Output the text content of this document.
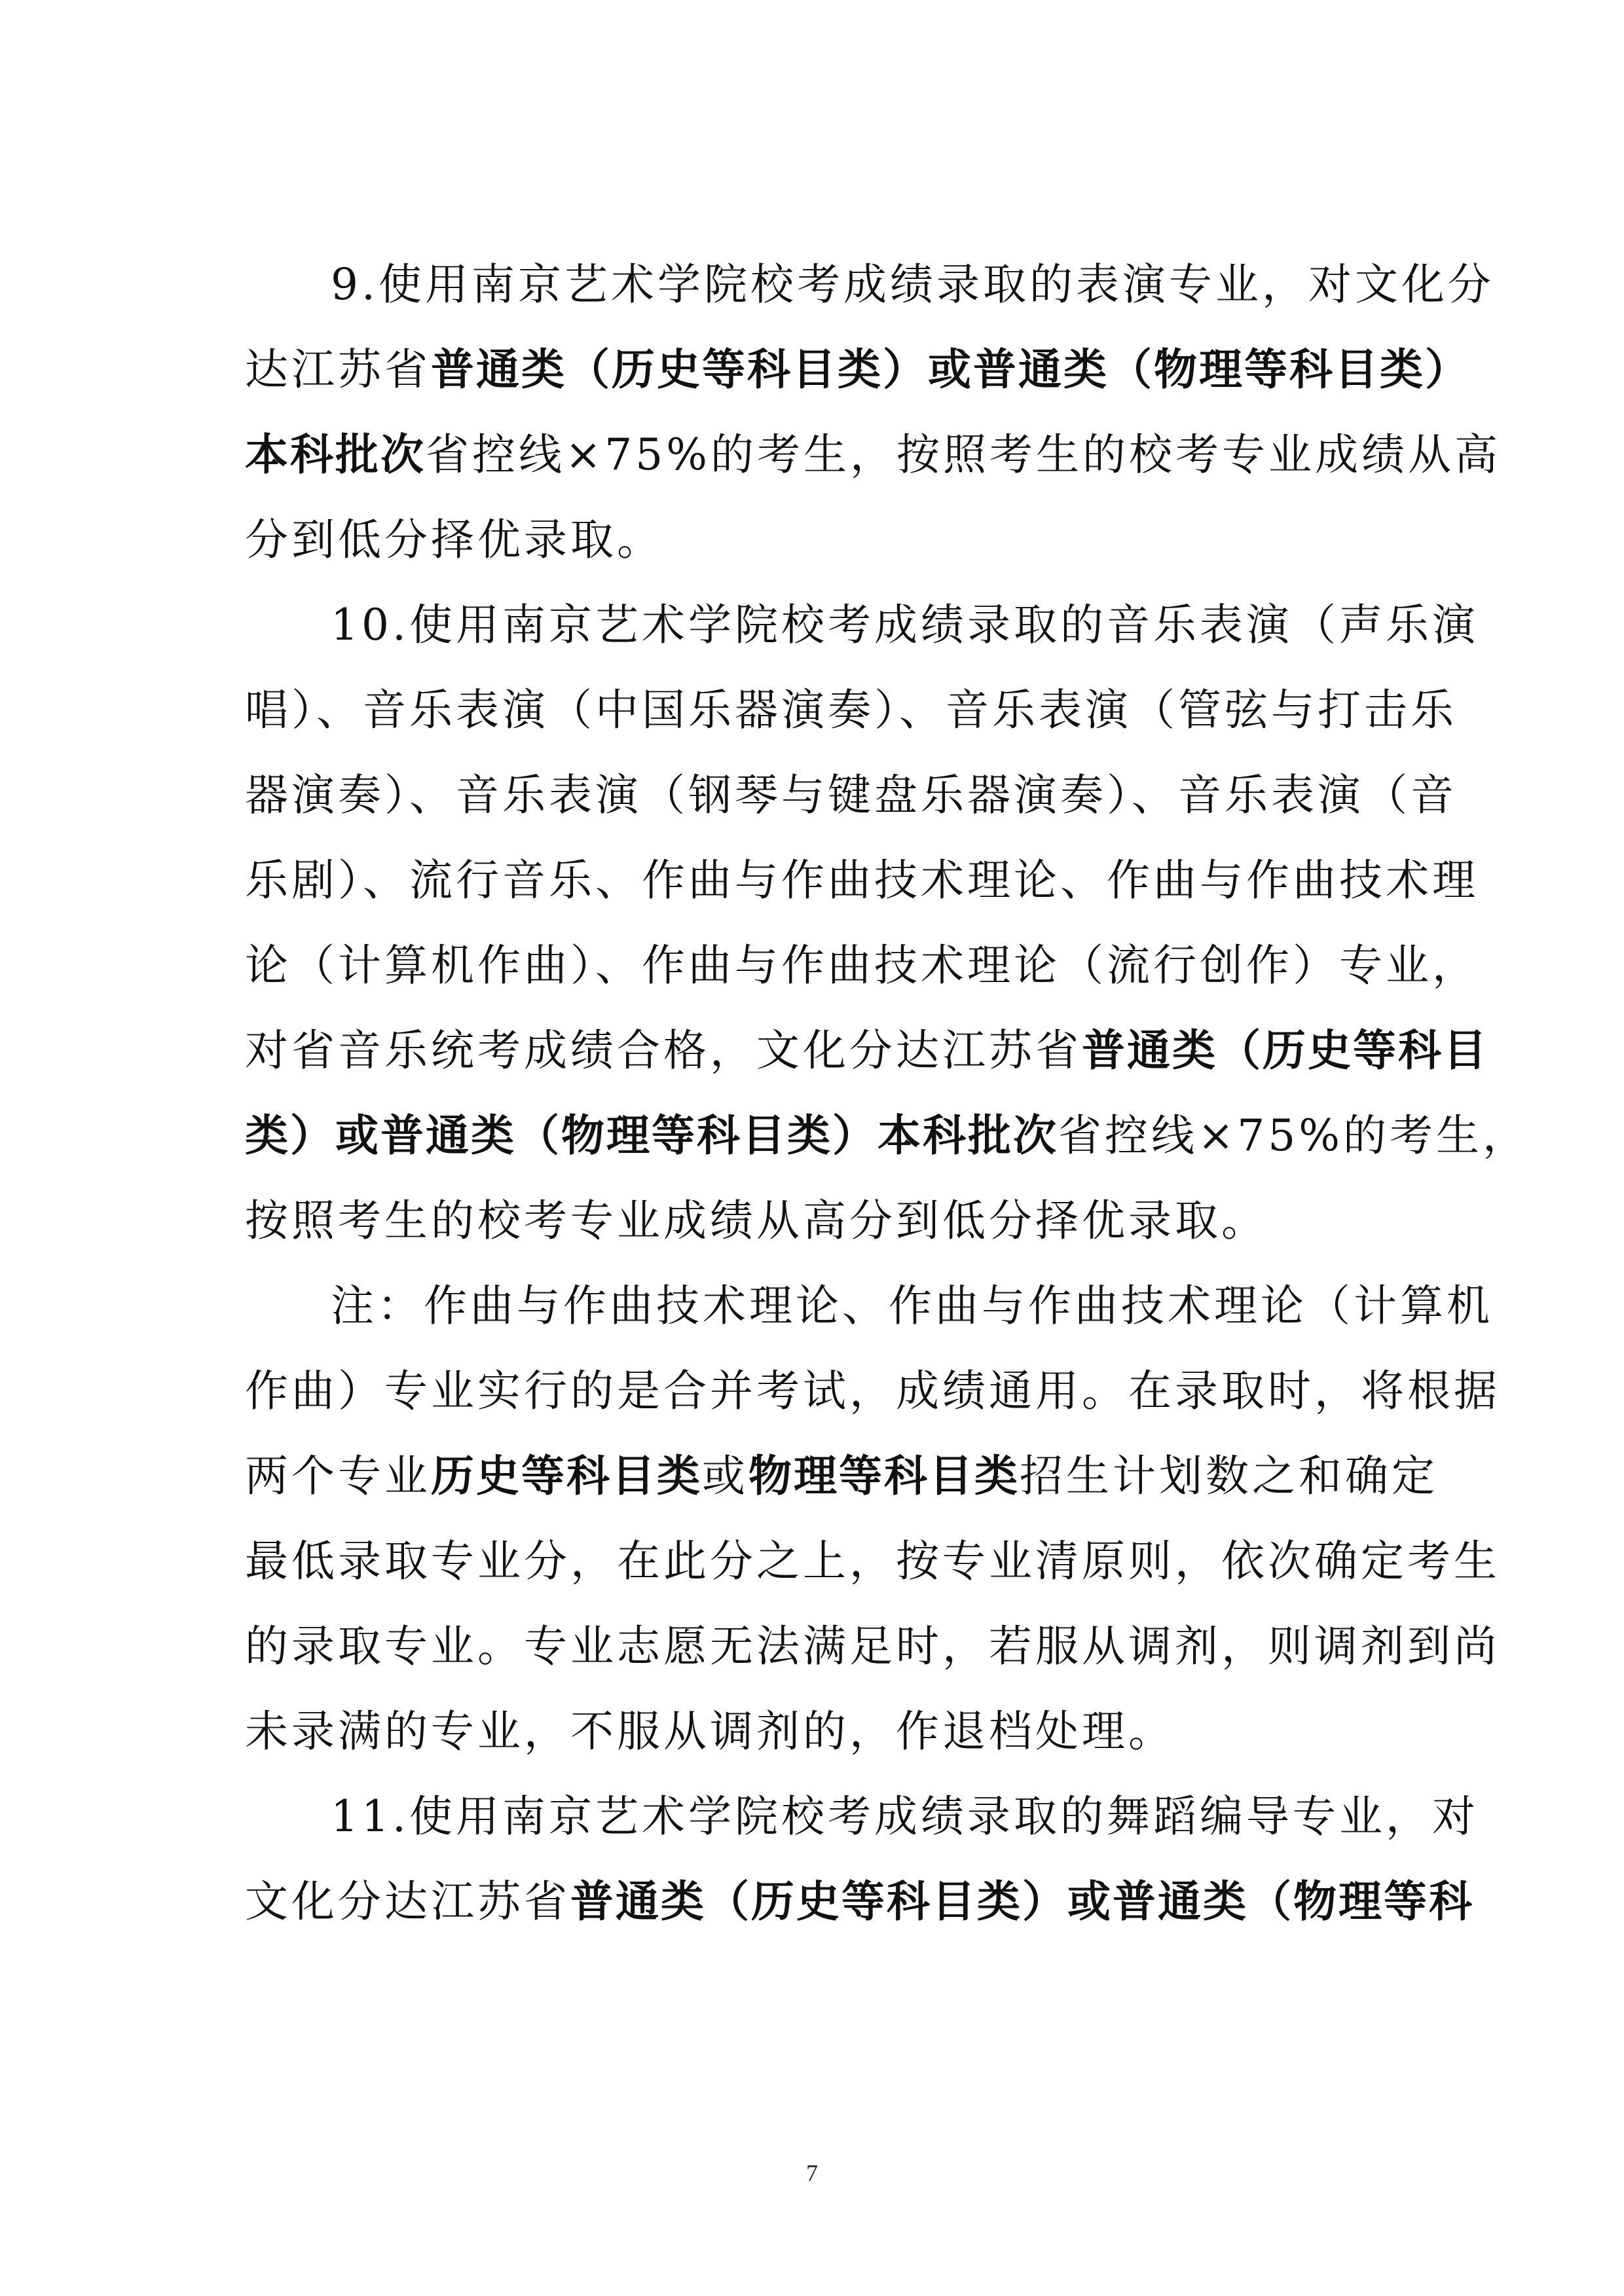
9.使用南京艺术学院校考成绩录取的表演专业，对文化分

达江苏省普通类（历史等科目类）或普通类（物理等科目类）

本科批次省控线×75%的考生，按照考生的校考专业成绩从高

分到低分择优录取。

10.使用南京艺术学院校考成绩录取的音乐表演（声乐演

唱）、音乐表演（中国乐器演奏）、音乐表演（管弦与打击乐

器演奏）、音乐表演（钢琴与键盘乐器演奏）、音乐表演（音

乐剧）、流行音乐、作曲与作曲技术理论、作曲与作曲技术理

论（计算机作曲）、作曲与作曲技术理论（流行创作）专业，

对省音乐统考成绩合格，文化分达江苏省普通类（历史等科目

类）或普通类（物理等科目类）本科批次省控线×75%的考生，

按照考生的校考专业成绩从高分到低分择优录取。

注：作曲与作曲技术理论、作曲与作曲技术理论（计算机

作曲）专业实行的是合并考试，成绩通用。在录取时，将根据

两个专业历史等科目类或物理等科目类招生计划数之和确定

最低录取专业分，在此分之上，按专业清原则，依次确定考生

的录取专业。专业志愿无法满足时，若服从调剂，则调剂到尚

未录满的专业，不服从调剂的，作退档处理。

11.使用南京艺术学院校考成绩录取的舞蹈编导专业，对

文化分达江苏省普通类（历史等科目类）或普通类（物理等科

7
